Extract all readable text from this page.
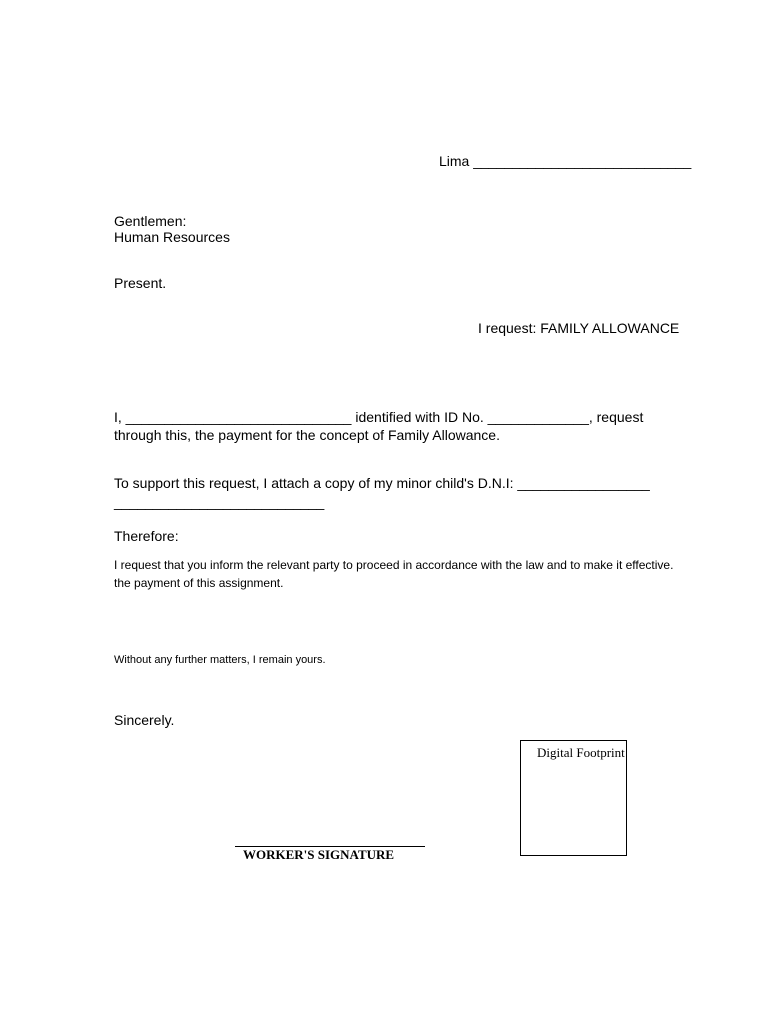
Lima ____________________________
Gentlemen:
Human Resources
Present.
I request: FAMILY ALLOWANCE
I, _____________________________ identified with ID No. _____________, request
through this, the payment for the concept of Family Allowance.
To support this request, I attach a copy of my minor child's D.N.I: _________________
___________________________
Therefore:
I request that you inform the relevant party to proceed in accordance with the law and to make it effective.
the payment of this assignment.
Without any further matters, I remain yours.
Sincerely.
Digital Footprint
WORKER'S SIGNATURE
